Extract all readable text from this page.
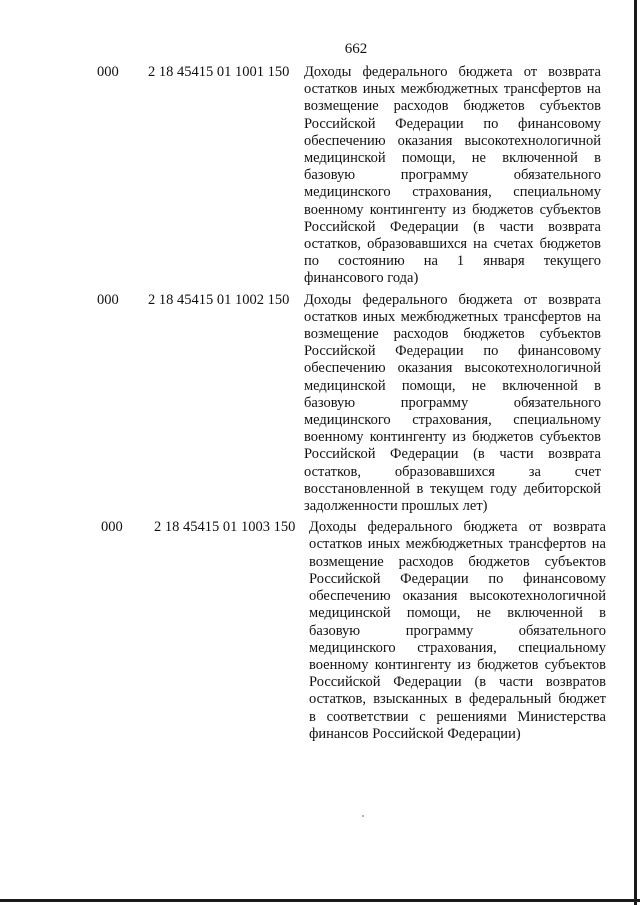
662
000 2 18 45415 01 1001 150 Доходы федерального бюджета от возврата
остатков иных межбюджетных трансфертов на
возмещение расходов бюджетов субъектов
Российской Федерации по финансовому
обеспечению оказания высокотехнологичной
медицинской помощи, не включенной в
базовую программу обязательного
медицинского страхования, специальному
военному контингенту из бюджетов субъектов
Российской Федерации (в части возврата
остатков, образовавшихся на счетах бюджетов
по состоянию на 1 января текущего
финансового года)
000 2 18 45415 01 1002 150 Доходы федерального бюджета от возврата
остатков иных межбюджетных трансфертов на
возмещение расходов бюджетов субъектов
Российской Федерации по финансовому
обеспечению оказания высокотехнологичной
медицинской помощи, не включенной в
базовую программу обязательного
медицинского страхования, специальному
военному контингенту из бюджетов субъектов
Российской Федерации (в части возврата
остатков, образовавшихся за счет
восстановленной в текущем году дебиторской
задолженности прошлых лет)
000 2 18 45415 01 1003 150 Доходы федерального бюджета от возврата
остатков иных межбюджетных трансфертов на
возмещение расходов бюджетов субъектов
Российской Федерации по финансовому
обеспечению оказания высокотехнологичной
медицинской помощи, не включенной в
базовую программу обязательного
медицинского страхования, специальному
военному контингенту из бюджетов субъектов
Российской Федерации (в части возвратов
остатков, взысканных в федеральный бюджет
в соответствии с решениями Министерства
финансов Российской Федерации)
